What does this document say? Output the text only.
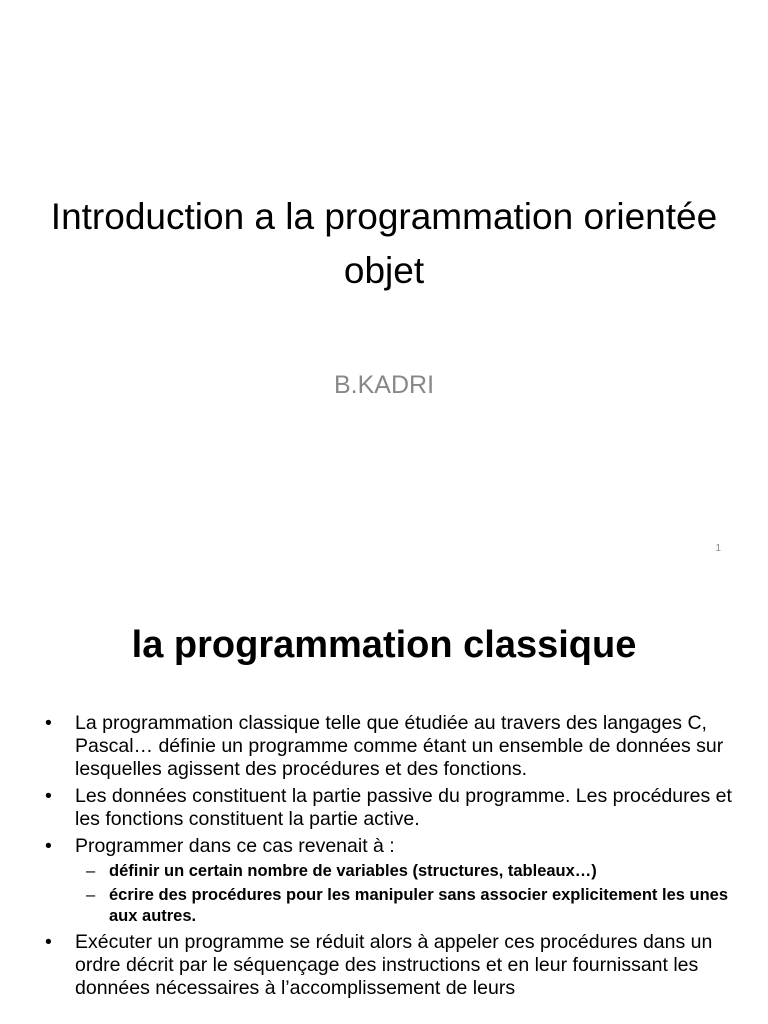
Introduction a la programmation orientée objet
B.KADRI
1
la programmation classique
•	La programmation classique telle que étudiée au travers des langages C, Pascal… définie un programme comme étant un ensemble de données sur lesquelles agissent des procédures et des fonctions.
•	Les données constituent la partie passive du programme. Les procédures et les fonctions constituent la partie active.
•	Programmer dans ce cas revenait à :
– définir un certain nombre de variables (structures, tableaux…)
– écrire des procédures pour les manipuler sans associer explicitement les unes aux autres.
•	Exécuter un programme se réduit alors à appeler ces procédures dans un ordre décrit par le séquençage des instructions et en leur fournissant les données nécessaires à l’accomplissement de leurs
